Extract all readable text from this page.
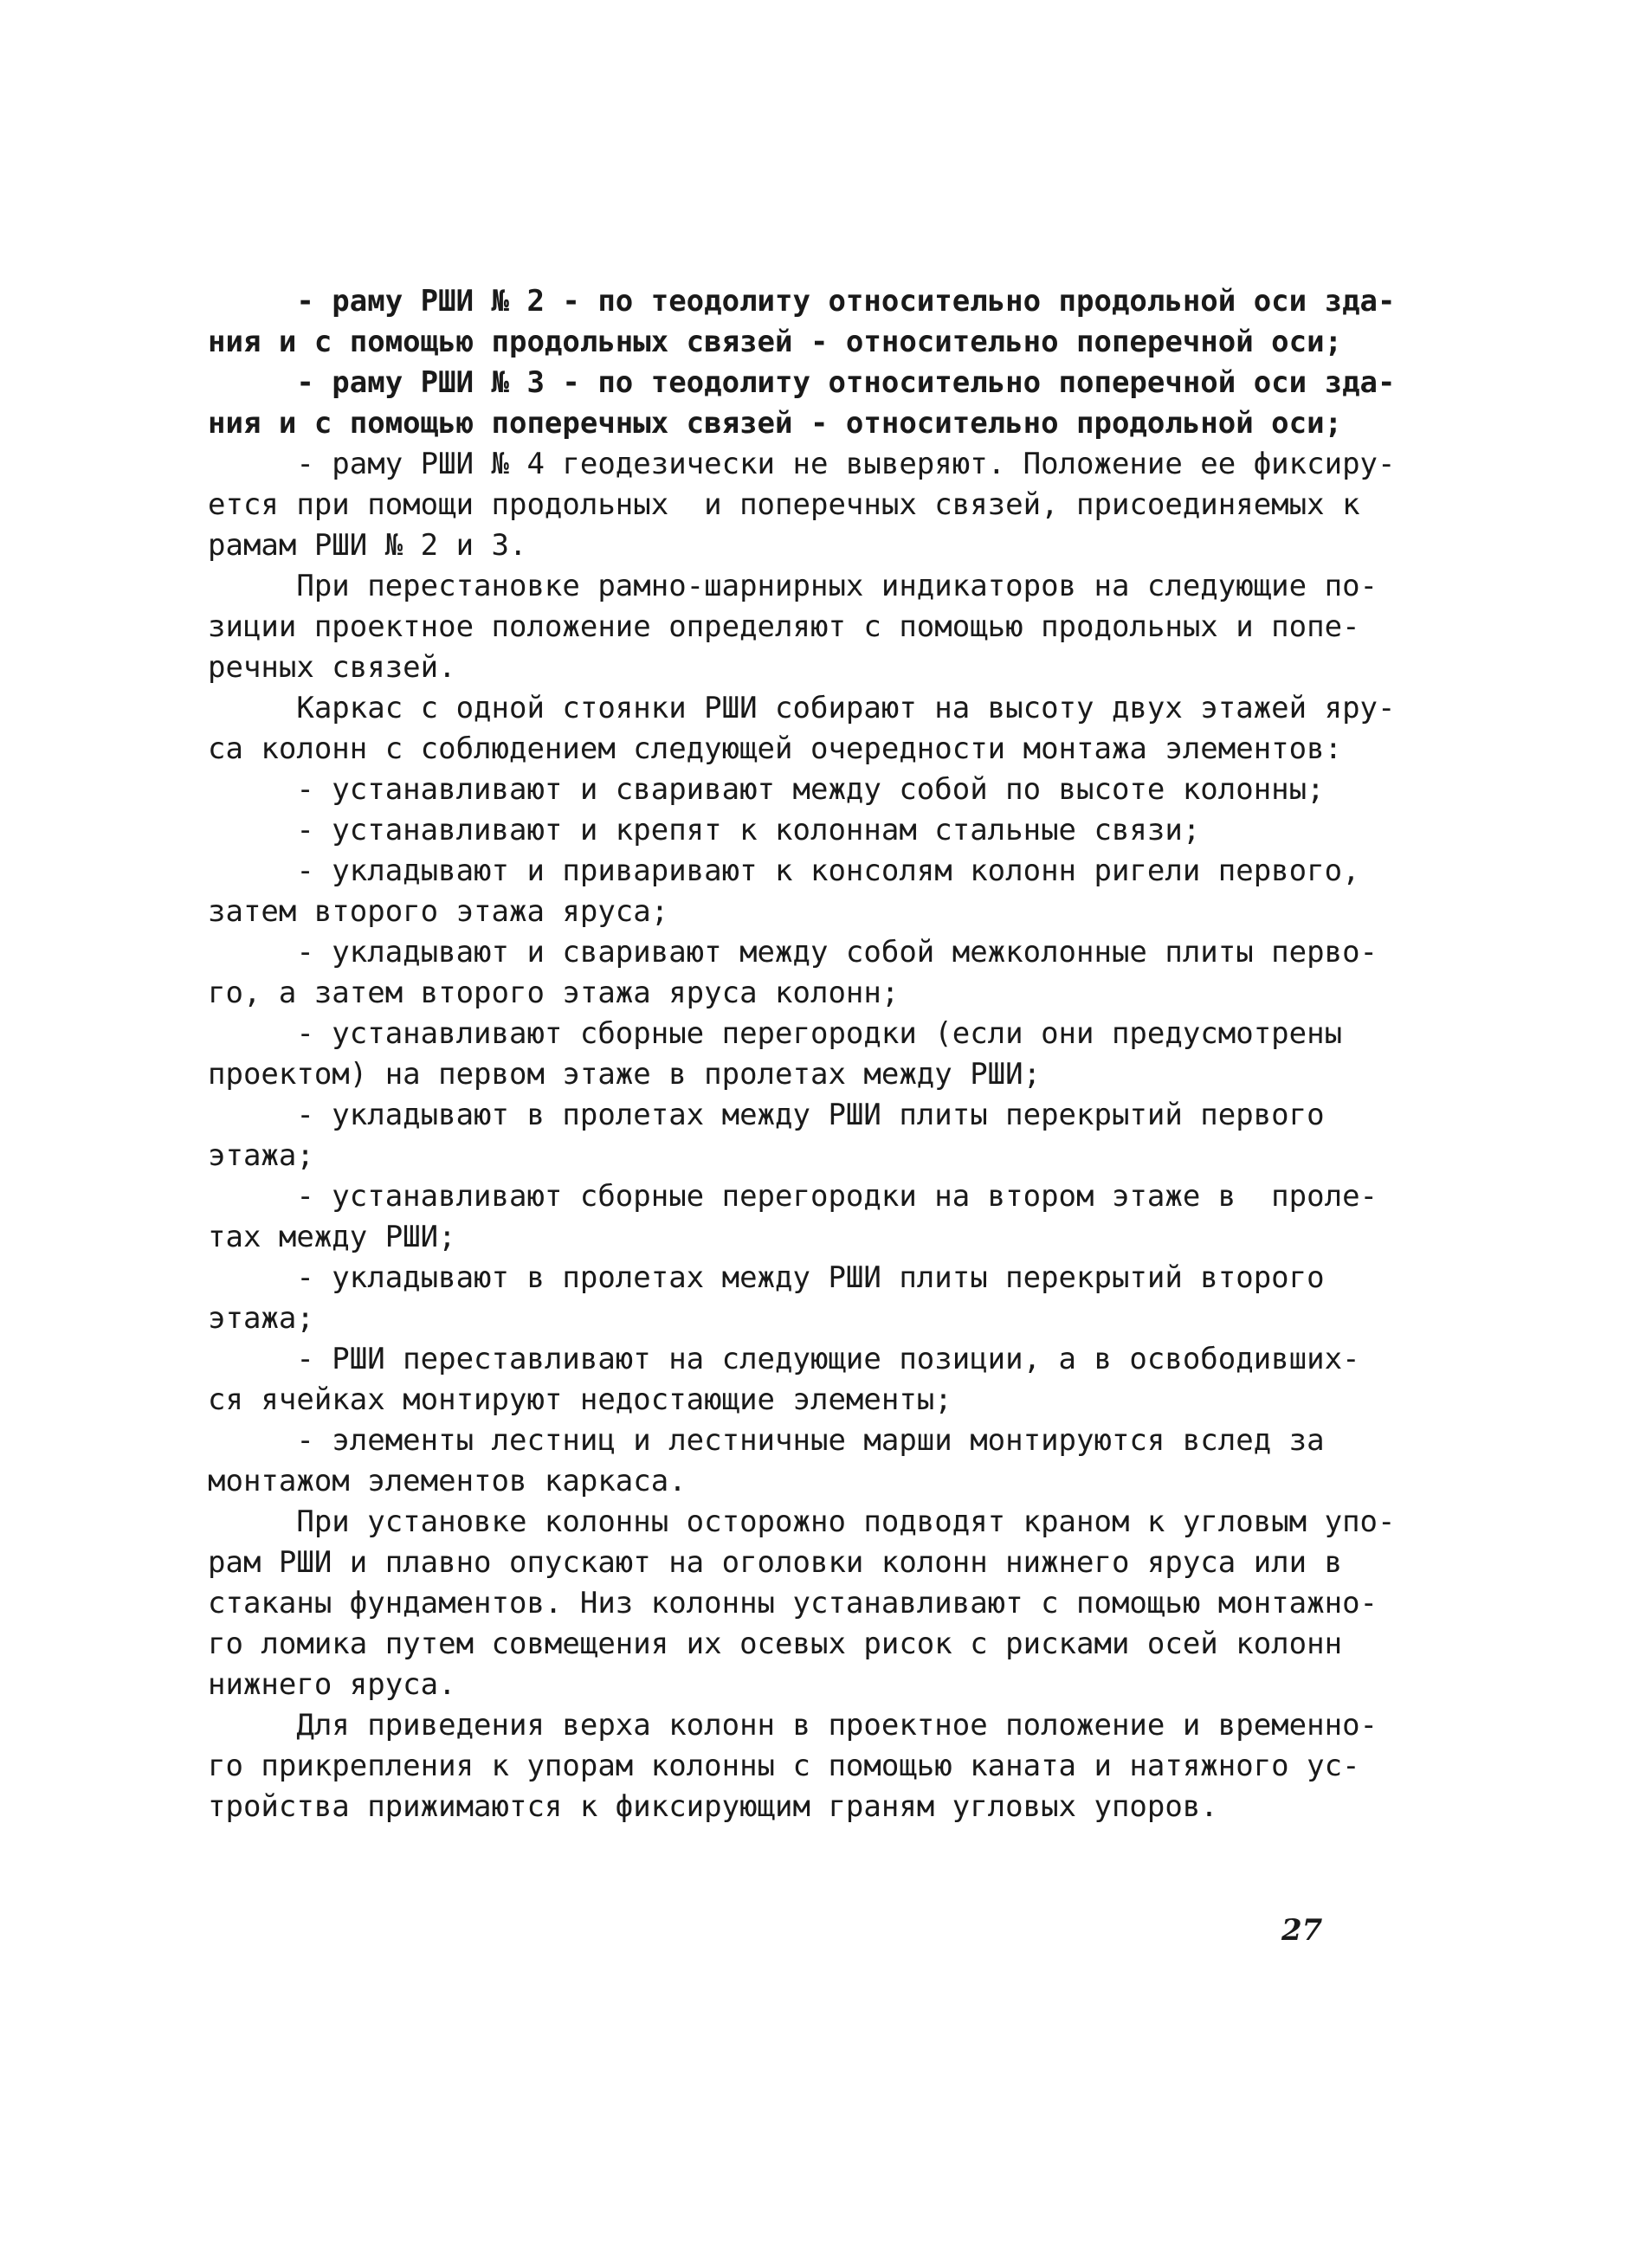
- раму РШИ № 2 - по теодолиту относительно продольной оси зда-
ния и с помощью продольных связей - относительно поперечной оси;
- раму РШИ № 3 - по теодолиту относительно поперечной оси зда-
ния и с помощью поперечных связей - относительно продольной оси;
- раму РШИ № 4 геодезически не выверяют. Положение ее фиксиру-
ется при помощи продольных  и поперечных связей, присоединяемых к
рамам РШИ № 2 и 3.
При перестановке рамно-шарнирных индикаторов на следующие по-
зиции проектное положение определяют с помощью продольных и попе-
речных связей.
Каркас с одной стоянки РШИ собирают на высоту двух этажей яру-
са колонн с соблюдением следующей очередности монтажа элементов:
- устанавливают и сваривают между собой по высоте колонны;
- устанавливают и крепят к колоннам стальные связи;
- укладывают и приваривают к консолям колонн ригели первого,
затем второго этажа яруса;
- укладывают и сваривают между собой межколонные плиты перво-
го, а затем второго этажа яруса колонн;
- устанавливают сборные перегородки (если они предусмотрены
проектом) на первом этаже в пролетах между РШИ;
- укладывают в пролетах между РШИ плиты перекрытий первого
этажа;
- устанавливают сборные перегородки на втором этаже в  проле-
тах между РШИ;
- укладывают в пролетах между РШИ плиты перекрытий второго
этажа;
- РШИ переставливают на следующие позиции, а в освободивших-
ся ячейках монтируют недостающие элементы;
- элементы лестниц и лестничные марши монтируются вслед за
монтажом элементов каркаса.
При установке колонны осторожно подводят краном к угловым упо-
рам РШИ и плавно опускают на оголовки колонн нижнего яруса или в
стаканы фундаментов. Низ колонны устанавливают с помощью монтажно-
го ломика путем совмещения их осевых рисок с рисками осей колонн
нижнего яруса.
Для приведения верха колонн в проектное положение и временно-
го прикрепления к упорам колонны с помощью каната и натяжного ус-
тройства прижимаются к фиксирующим граням угловых упоров.
27
